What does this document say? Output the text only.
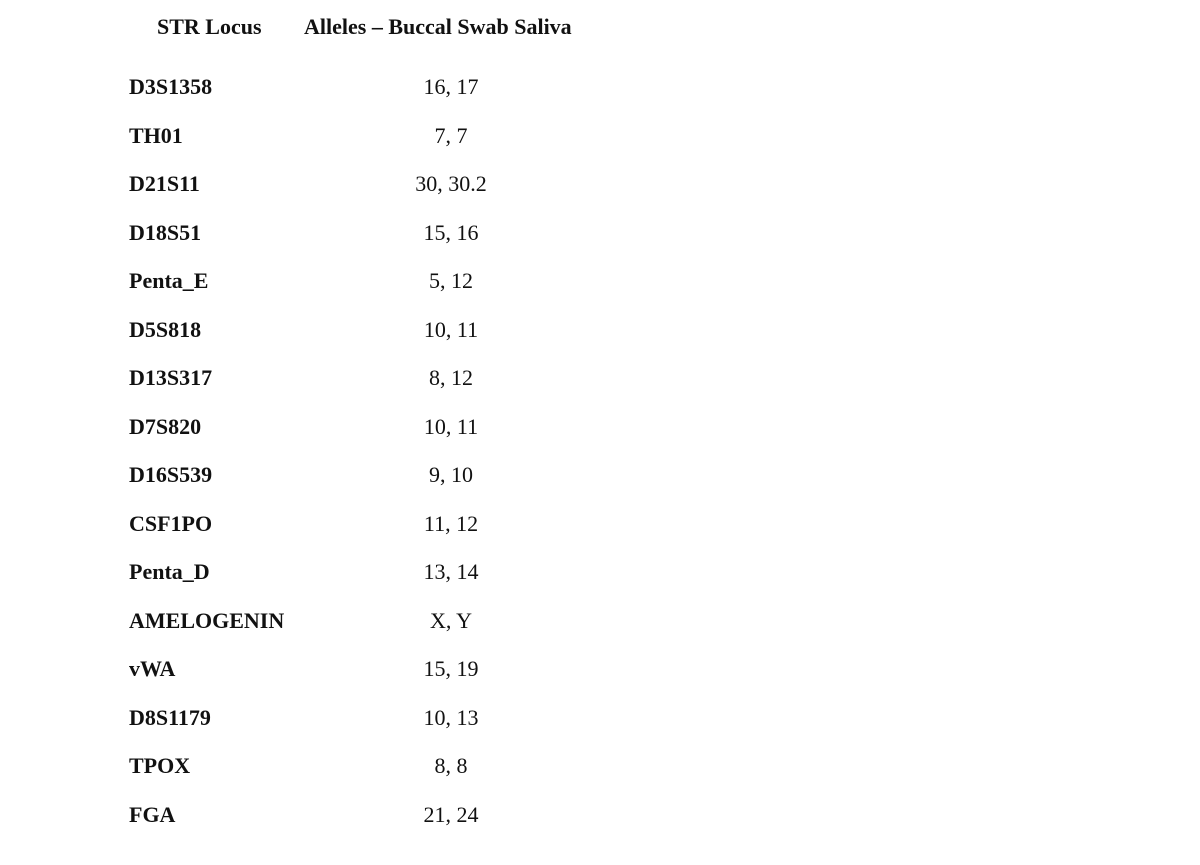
STR Locus Alleles – Buccal Swab Saliva
D3S1358	16, 17
TH01	7, 7
D21S11	30, 30.2
D18S51	15, 16
Penta_E	5, 12
D5S818	10, 11
D13S317	8, 12
D7S820	10, 11
D16S539	9, 10
CSF1PO	11, 12
Penta_D	13, 14
AMELOGENIN	X, Y
vWA	15, 19
D8S1179	10, 13
TPOX	8, 8
FGA	21, 24
